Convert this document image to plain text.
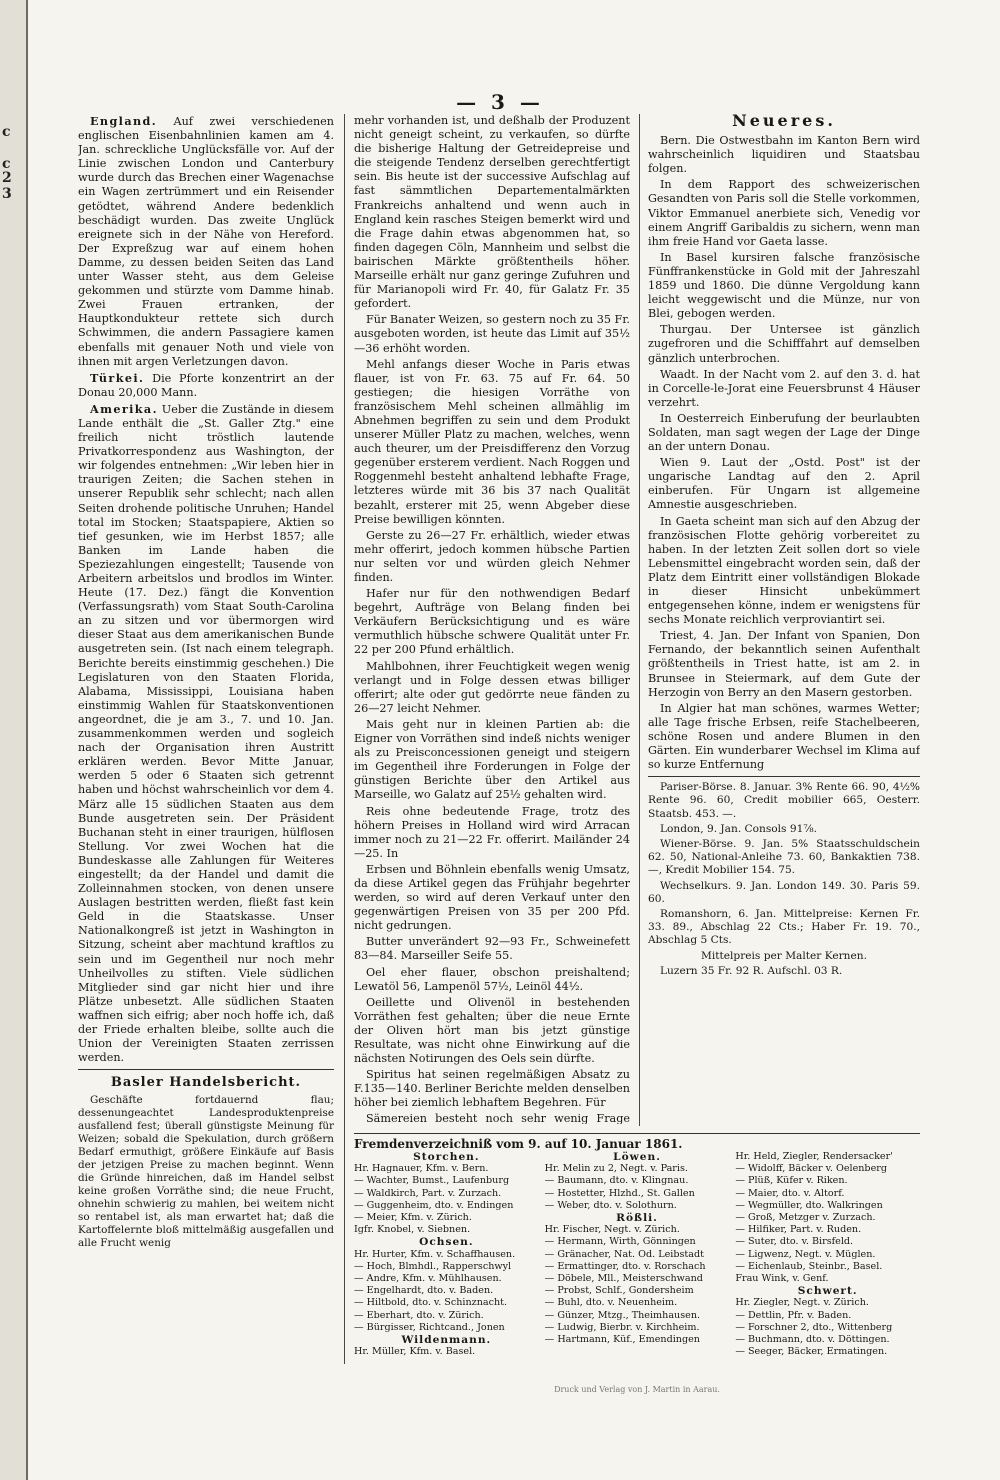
c
c
2
3
— 3 —

England. Auf zwei verschiedenen englischen Eisenbahnlinien kamen am 4. Jan. schreckliche Unglücksfälle vor. Auf der Linie zwischen London und Canterbury wurde durch das Brechen einer Wagenachse ein Wagen zertrümmert und ein Reisender getödtet, während Andere bedenklich beschädigt wurden. Das zweite Unglück ereignete sich in der Nähe von Hereford. Der Expreßzug war auf einem hohen Damme, zu dessen beiden Seiten das Land unter Wasser steht, aus dem Geleise gekommen und stürzte vom Damme hinab. Zwei Frauen ertranken, der Hauptkondukteur rettete sich durch Schwimmen, die andern Passagiere kamen ebenfalls mit genauer Noth und viele von ihnen mit argen Verletzungen davon.

Türkei. Die Pforte konzentrirt an der Donau 20,000 Mann.

Amerika. Ueber die Zustände in diesem Lande enthält die „St. Galler Ztg." eine freilich nicht tröstlich lautende Privatkorrespondenz aus Washington, der wir folgendes entnehmen: „Wir leben hier in traurigen Zeiten; die Sachen stehen in unserer Republik sehr schlecht; nach allen Seiten drohende politische Unruhen; Handel total im Stocken; Staatspapiere, Aktien so tief gesunken, wie im Herbst 1857; alle Banken im Lande haben die Speziezahlungen eingestellt; Tausende von Arbeitern arbeitslos und brodlos im Winter. Heute (17. Dez.) fängt die Konvention (Verfassungsrath) vom Staat South-Carolina an zu sitzen und vor übermorgen wird dieser Staat aus dem amerikanischen Bunde ausgetreten sein. (Ist nach einem telegraph. Berichte bereits einstimmig geschehen.) Die Legislaturen von den Staaten Florida, Alabama, Mississippi, Louisiana haben einstimmig Wahlen für Staatskonventionen angeordnet, die je am 3., 7. und 10. Jan. zusammenkommen werden und sogleich nach der Organisation ihren Austritt erklären werden. Bevor Mitte Januar, werden 5 oder 6 Staaten sich getrennt haben und höchst wahrscheinlich vor dem 4. März alle 15 südlichen Staaten aus dem Bunde ausgetreten sein. Der Präsident Buchanan steht in einer traurigen, hülflosen Stellung. Vor zwei Wochen hat die Bundeskasse alle Zahlungen für Weiteres eingestellt; da der Handel und damit die Zolleinnahmen stocken, von denen unsere Auslagen bestritten werden, fließt fast kein Geld in die Staatskasse. Unser Nationalkongreß ist jetzt in Washington in Sitzung, scheint aber machtund kraftlos zu sein und im Gegentheil nur noch mehr Unheilvolles zu stiften. Viele südlichen Mitglieder sind gar nicht hier und ihre Plätze unbesetzt. Alle südlichen Staaten waffnen sich eifrig; aber noch hoffe ich, daß der Friede erhalten bleibe, sollte auch die Union der Vereinigten Staaten zerrissen werden.

Basler Handelsbericht.

Geschäfte fortdauernd flau; dessenungeachtet Landesproduktenpreise ausfallend fest; überall günstigste Meinung für Weizen; sobald die Spekulation, durch größern Bedarf ermuthigt, größere Einkäufe auf Basis der jetzigen Preise zu machen beginnt. Wenn die Gründe hinreichen, daß im Handel selbst keine großen Vorräthe sind; die neue Frucht, ohnehin schwierig zu mahlen, bei weitem nicht so rentabel ist, als man erwartet hat; daß die Kartoffelernte bloß mittelmäßig ausgefallen und alle Frucht wenig

mehr vorhanden ist, und deßhalb der Produzent nicht geneigt scheint, zu verkaufen, so dürfte die bisherige Haltung der Getreidepreise und die steigende Tendenz derselben gerechtfertigt sein. Bis heute ist der successive Aufschlag auf fast sämmtlichen Departementalmärkten Frankreichs anhaltend und wenn auch in England kein rasches Steigen bemerkt wird und die Frage dahin etwas abgenommen hat, so finden dagegen Cöln, Mannheim und selbst die bairischen Märkte größtentheils höher. Marseille erhält nur ganz geringe Zufuhren und für Marianopoli wird Fr. 40, für Galatz Fr. 35 gefordert.

Für Banater Weizen, so gestern noch zu 35 Fr. ausgeboten worden, ist heute das Limit auf 35½—36 erhöht worden.

Mehl anfangs dieser Woche in Paris etwas flauer, ist von Fr. 63. 75 auf Fr. 64. 50 gestiegen; die hiesigen Vorräthe von französischem Mehl scheinen allmählig im Abnehmen begriffen zu sein und dem Produkt unserer Müller Platz zu machen, welches, wenn auch theurer, um der Preisdifferenz den Vorzug gegenüber ersterem verdient. Nach Roggen und Roggenmehl besteht anhaltend lebhafte Frage, letzteres würde mit 36 bis 37 nach Qualität bezahlt, ersterer mit 25, wenn Abgeber diese Preise bewilligen könnten.

Gerste zu 26—27 Fr. erhältlich, wieder etwas mehr offerirt, jedoch kommen hübsche Partien nur selten vor und würden gleich Nehmer finden.

Hafer nur für den nothwendigen Bedarf begehrt, Aufträge von Belang finden bei Verkäufern Berücksichtigung und es wäre vermuthlich hübsche schwere Qualität unter Fr. 22 per 200 Pfund erhältlich.

Mahlbohnen, ihrer Feuchtigkeit wegen wenig verlangt und in Folge dessen etwas billiger offerirt; alte oder gut gedörrte neue fänden zu 26—27 leicht Nehmer.

Mais geht nur in kleinen Partien ab: die Eigner von Vorräthen sind indeß nichts weniger als zu Preisconcessionen geneigt und steigern im Gegentheil ihre Forderungen in Folge der günstigen Berichte über den Artikel aus Marseille, wo Galatz auf 25½ gehalten wird.

Reis ohne bedeutende Frage, trotz des höhern Preises in Holland wird wird Arracan immer noch zu 21—22 Fr. offerirt. Mailänder 24—25. In

Erbsen und Böhnlein ebenfalls wenig Umsatz, da diese Artikel gegen das Frühjahr begehrter werden, so wird auf deren Verkauf unter den gegenwärtigen Preisen von 35 per 200 Pfd. nicht gedrungen.

Butter unverändert 92—93 Fr., Schweinefett 83—84. Marseiller Seife 55.

Oel eher flauer, obschon preishaltend; Lewatöl 56, Lampenöl 57½, Leinöl 44½.

Oeillette und Olivenöl in bestehenden Vorräthen fest gehalten; über die neue Ernte der Oliven hört man bis jetzt günstige Resultate, was nicht ohne Einwirkung auf die nächsten Notirungen des Oels sein dürfte.

Spiritus hat seinen regelmäßigen Absatz zu F.135—140. Berliner Berichte melden denselben höher bei ziemlich lebhaftem Begehren. Für

Sämereien besteht noch sehr wenig Frage

Neueres.

Bern. Die Ostwestbahn im Kanton Bern wird wahrscheinlich liquidiren und Staatsbau folgen.

In dem Rapport des schweizerischen Gesandten von Paris soll die Stelle vorkommen, Viktor Emmanuel anerbiete sich, Venedig vor einem Angriff Garibaldis zu sichern, wenn man ihm freie Hand vor Gaeta lasse.

In Basel kursiren falsche französische Fünffrankenstücke in Gold mit der Jahreszahl 1859 und 1860. Die dünne Vergoldung kann leicht weggewischt und die Münze, nur von Blei, gebogen werden.

Thurgau. Der Untersee ist gänzlich zugefroren und die Schifffahrt auf demselben gänzlich unterbrochen.

Waadt. In der Nacht vom 2. auf den 3. d. hat in Corcelle-le-Jorat eine Feuersbrunst 4 Häuser verzehrt.

In Oesterreich Einberufung der beurlaubten Soldaten, man sagt wegen der Lage der Dinge an der untern Donau.

Wien 9. Laut der „Ostd. Post" ist der ungarische Landtag auf den 2. April einberufen. Für Ungarn ist allgemeine Amnestie ausgeschrieben.

In Gaeta scheint man sich auf den Abzug der französischen Flotte gehörig vorbereitet zu haben. In der letzten Zeit sollen dort so viele Lebensmittel eingebracht worden sein, daß der Platz dem Eintritt einer vollständigen Blokade in dieser Hinsicht unbekümmert entgegensehen könne, indem er wenigstens für sechs Monate reichlich verproviantirt sei.

Triest, 4. Jan. Der Infant von Spanien, Don Fernando, der bekanntlich seinen Aufenthalt größtentheils in Triest hatte, ist am 2. in Brunsee in Steiermark, auf dem Gute der Herzogin von Berry an den Masern gestorben.

In Algier hat man schönes, warmes Wetter; alle Tage frische Erbsen, reife Stachelbeeren, schöne Rosen und andere Blumen in den Gärten. Ein wunderbarer Wechsel im Klima auf so kurze Entfernung

Pariser-Börse. 8. Januar. 3% Rente 66. 90, 4½% Rente 96. 60, Credit mobilier 665, Oesterr. Staatsb. 453. —.

London, 9. Jan. Consols 91⅞.

Wiener-Börse. 9. Jan. 5% Staatsschuldschein 62. 50, National-Anleihe 73. 60, Bankaktien 738. —, Kredit Mobilier 154. 75.

Wechselkurs. 9. Jan. London 149. 30. Paris 59. 60.

Romanshorn, 6. Jan. Mittelpreise: Kernen Fr. 33. 89., Abschlag 22 Cts.; Haber Fr. 19. 70., Abschlag 5 Cts.

Mittelpreis per Malter Kernen.

Luzern 35 Fr. 92 R. Aufschl. 03 R.

Fremdenverzeichniß vom 9. auf 10. Januar 1861.
Storchen.
Hr. Hagnauer, Kfm. v. Bern.
— Wachter, Bumst., Laufenburg
— Waldkirch, Part. v. Zurzach.
— Guggenheim, dto. v. Endingen
— Meier, Kfm. v. Zürich.
Igfr. Knobel, v. Siebnen.
Ochsen.
Hr. Hurter, Kfm. v. Schaffhausen.
— Hoch, Blmhdl., Rapperschwyl
— Andre, Kfm. v. Mühlhausen.
— Engelhardt, dto. v. Baden.
— Hiltbold, dto. v. Schinznacht.
— Eberhart, dto. v. Zürich.
— Bürgisser, Richtcand., Jonen
Wildenmann.
Hr. Müller, Kfm. v. Basel.
Löwen.
Hr. Melin zu 2, Negt. v. Paris.
— Baumann, dto. v. Klingnau.
— Hostetter, Hlzhd., St. Gallen
— Weber, dto. v. Solothurn.
Rößli.
Hr. Fischer, Negt. v. Zürich.
— Hermann, Wirth, Gönningen
— Gränacher, Nat. Od. Leibstadt
— Ermattinger, dto. v. Rorschach
— Döbele, Mll., Meisterschwand
— Probst, Schlf., Gondersheim
— Buhl, dto. v. Neuenheim.
— Günzer, Mtzg., Theimhausen.
— Ludwig, Bierbr. v. Kirchheim.
— Hartmann, Küf., Emendingen
Hr. Held, Ziegler, Rendersacker'
— Widolff, Bäcker v. Oelenberg
— Plüß, Küfer v. Riken.
— Maier, dto. v. Altorf.
— Wegmüller, dto. Walkringen
— Groß, Metzger v. Zurzach.
— Hilfiker, Part. v. Ruden.
— Suter, dto. v. Birsfeld.
— Ligwenz, Negt. v. Müglen.
— Eichenlaub, Steinbr., Basel.
Frau Wink, v. Genf.
Schwert.
Hr. Ziegler, Negt. v. Zürich.
— Dettlin, Pfr. v. Baden.
— Forschner 2, dto., Wittenberg
— Buchmann, dto. v. Döttingen.
— Seeger, Bäcker, Ermatingen.
Druck und Verlag von J. Martin in Aarau.
